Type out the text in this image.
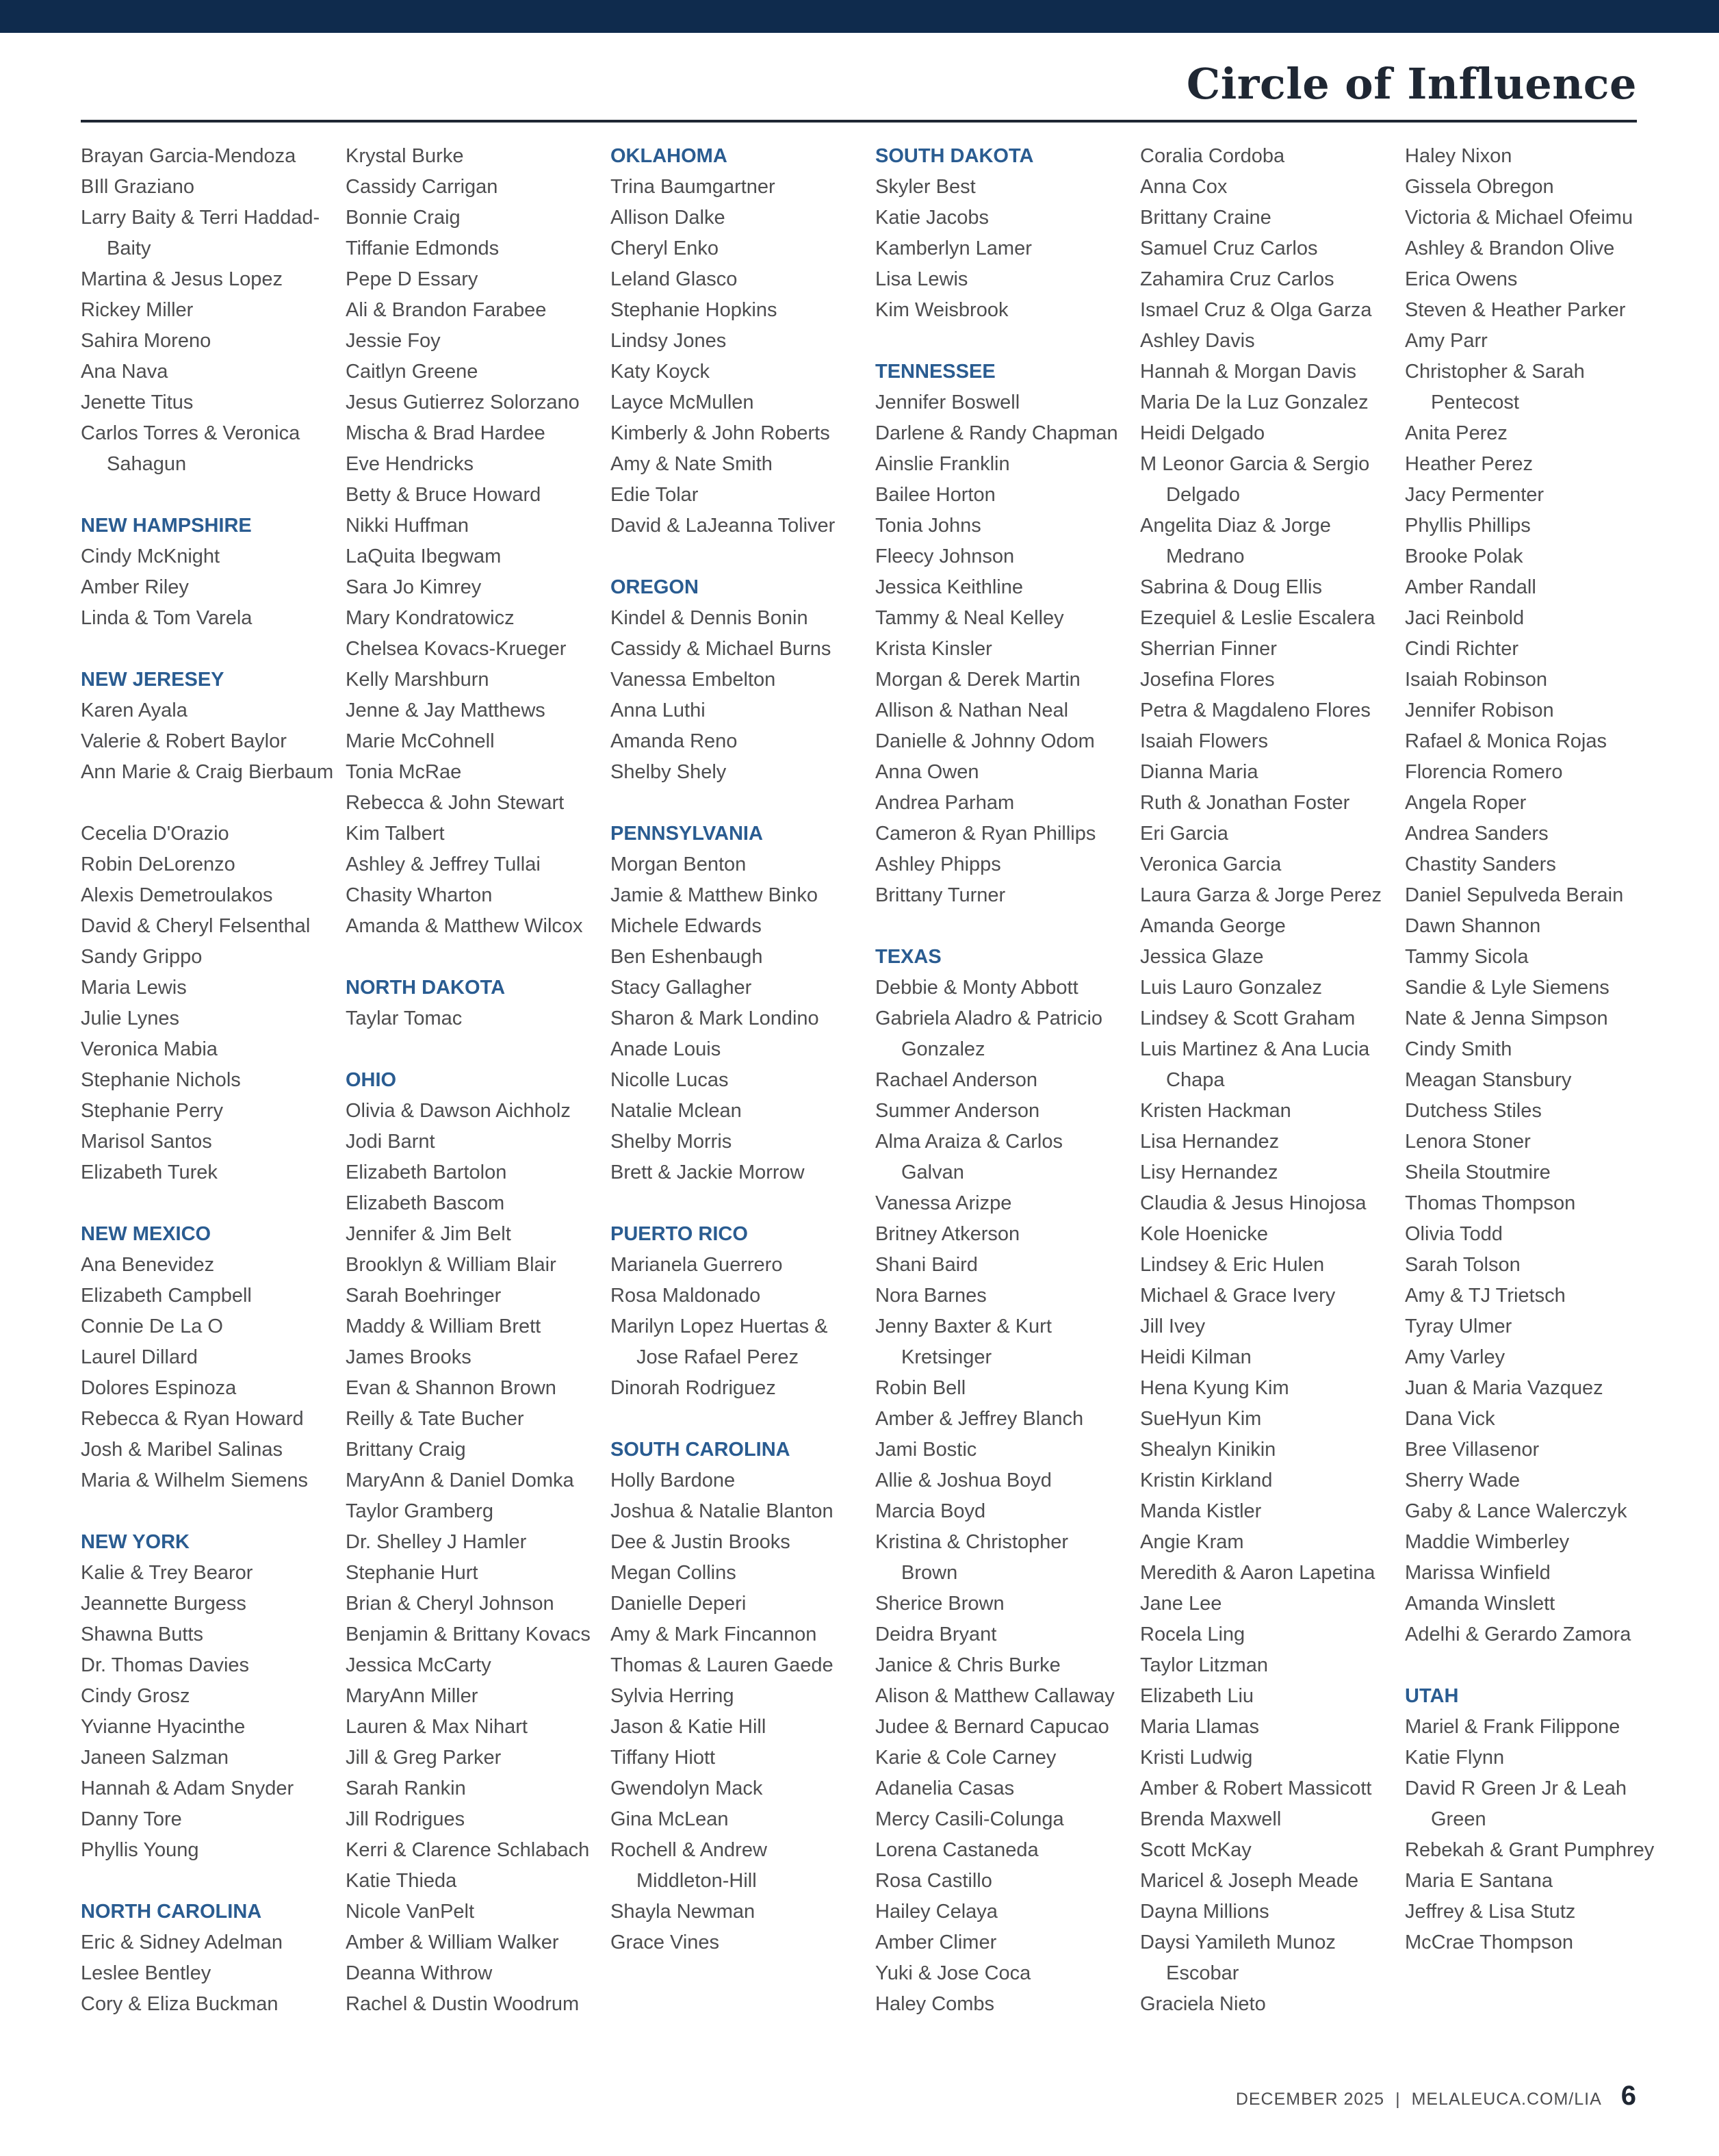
Circle of Influence
Brayan Garcia-Mendoza
BIll Graziano
Larry Baity & Terri Haddad-Baity
Martina & Jesus Lopez
Rickey Miller
Sahira Moreno
Ana Nava
Jenette Titus
Carlos Torres & Veronica Sahagun
NEW HAMPSHIRE
Cindy McKnight
Amber Riley
Linda & Tom Varela
NEW JERESEY
Karen Ayala
Valerie & Robert Baylor
Ann Marie & Craig Bierbaum
Cecelia D'Orazio
Robin DeLorenzo
Alexis Demetroulakos
David & Cheryl Felsenthal
Sandy Grippo
Maria Lewis
Julie Lynes
Veronica Mabia
Stephanie Nichols
Stephanie Perry
Marisol Santos
Elizabeth Turek
NEW MEXICO
Ana Benevidez
Elizabeth Campbell
Connie De La O
Laurel Dillard
Dolores Espinoza
Rebecca & Ryan Howard
Josh & Maribel Salinas
Maria & Wilhelm Siemens
NEW YORK
Kalie & Trey Bearor
Jeannette Burgess
Shawna Butts
Dr. Thomas Davies
Cindy Grosz
Yvianne Hyacinthe
Janeen Salzman
Hannah & Adam Snyder
Danny Tore
Phyllis Young
NORTH CAROLINA
Eric & Sidney Adelman
Leslee Bentley
Cory & Eliza Buckman
Krystal Burke
Cassidy Carrigan
Bonnie Craig
Tiffanie Edmonds
Pepe D Essary
Ali & Brandon Farabee
Jessie Foy
Caitlyn Greene
Jesus Gutierrez Solorzano
Mischa & Brad Hardee
Eve Hendricks
Betty & Bruce Howard
Nikki Huffman
LaQuita Ibegwam
Sara Jo Kimrey
Mary Kondratowicz
Chelsea Kovacs-Krueger
Kelly Marshburn
Jenne & Jay Matthews
Marie McCohnell
Tonia McRae
Rebecca & John Stewart
Kim Talbert
Ashley & Jeffrey Tullai
Chasity Wharton
Amanda & Matthew Wilcox
NORTH DAKOTA
Taylar Tomac
OHIO
Olivia & Dawson Aichholz
Jodi Barnt
Elizabeth Bartolon
Elizabeth Bascom
Jennifer & Jim Belt
Brooklyn & William Blair
Sarah Boehringer
Maddy & William Brett
James Brooks
Evan & Shannon Brown
Reilly & Tate Bucher
Brittany Craig
MaryAnn & Daniel Domka
Taylor Gramberg
Dr. Shelley J Hamler
Stephanie Hurt
Brian & Cheryl Johnson
Benjamin & Brittany Kovacs
Jessica McCarty
MaryAnn Miller
Lauren & Max Nihart
Jill & Greg Parker
Sarah Rankin
Jill Rodrigues
Kerri & Clarence Schlabach
Katie Thieda
Nicole VanPelt
Amber & William Walker
Deanna Withrow
Rachel & Dustin Woodrum
OKLAHOMA
Trina Baumgartner
Allison Dalke
Cheryl Enko
Leland Glasco
Stephanie Hopkins
Lindsy Jones
Katy Koyck
Layce McMullen
Kimberly & John Roberts
Amy & Nate Smith
Edie Tolar
David & LaJeanna Toliver
OREGON
Kindel & Dennis Bonin
Cassidy & Michael Burns
Vanessa Embelton
Anna Luthi
Amanda Reno
Shelby Shely
PENNSYLVANIA
Morgan Benton
Jamie & Matthew Binko
Michele Edwards
Ben Eshenbaugh
Stacy Gallagher
Sharon & Mark Londino
Anade Louis
Nicolle Lucas
Natalie Mclean
Shelby Morris
Brett & Jackie Morrow
PUERTO RICO
Marianela Guerrero
Rosa Maldonado
Marilyn Lopez Huertas & Jose Rafael Perez
Dinorah Rodriguez
SOUTH CAROLINA
Holly Bardone
Joshua & Natalie Blanton
Dee & Justin Brooks
Megan Collins
Danielle Deperi
Amy & Mark Fincannon
Thomas & Lauren Gaede
Sylvia Herring
Jason & Katie Hill
Tiffany Hiott
Gwendolyn Mack
Gina McLean
Rochell & Andrew Middleton-Hill
Shayla Newman
Grace Vines
SOUTH DAKOTA
Skyler Best
Katie Jacobs
Kamberlyn Lamer
Lisa Lewis
Kim Weisbrook
TENNESSEE
Jennifer Boswell
Darlene & Randy Chapman
Ainslie Franklin
Bailee Horton
Tonia Johns
Fleecy Johnson
Jessica Keithline
Tammy & Neal Kelley
Krista Kinsler
Morgan & Derek Martin
Allison & Nathan Neal
Danielle & Johnny Odom
Anna Owen
Andrea Parham
Cameron & Ryan Phillips
Ashley Phipps
Brittany Turner
TEXAS
Debbie & Monty Abbott
Gabriela Aladro & Patricio Gonzalez
Rachael Anderson
Summer Anderson
Alma Araiza & Carlos Galvan
Vanessa Arizpe
Britney Atkerson
Shani Baird
Nora Barnes
Jenny Baxter & Kurt Kretsinger
Robin Bell
Amber & Jeffrey Blanch
Jami Bostic
Allie & Joshua Boyd
Marcia Boyd
Kristina & Christopher Brown
Sherice Brown
Deidra Bryant
Janice & Chris Burke
Alison & Matthew Callaway
Judee & Bernard Capucao
Karie & Cole Carney
Adanelia Casas
Mercy Casili-Colunga
Lorena Castaneda
Rosa Castillo
Hailey Celaya
Amber Climer
Yuki & Jose Coca
Haley Combs
Coralia Cordoba
Anna Cox
Brittany Craine
Samuel Cruz Carlos
Zahamira Cruz Carlos
Ismael Cruz & Olga Garza
Ashley Davis
Hannah & Morgan Davis
Maria De la Luz Gonzalez
Heidi Delgado
M Leonor Garcia & Sergio Delgado
Angelita Diaz & Jorge Medrano
Sabrina & Doug Ellis
Ezequiel & Leslie Escalera
Sherrian Finner
Josefina Flores
Petra & Magdaleno Flores
Isaiah Flowers
Dianna Maria
Ruth & Jonathan Foster
Eri Garcia
Veronica Garcia
Laura Garza & Jorge Perez
Amanda George
Jessica Glaze
Luis Lauro Gonzalez
Lindsey & Scott Graham
Luis Martinez & Ana Lucia Chapa
Kristen Hackman
Lisa Hernandez
Lisy Hernandez
Claudia & Jesus Hinojosa
Kole Hoenicke
Lindsey & Eric Hulen
Michael & Grace Ivery
Jill Ivey
Heidi Kilman
Hena Kyung Kim
SueHyun Kim
Shealyn Kinikin
Kristin Kirkland
Manda Kistler
Angie Kram
Meredith & Aaron Lapetina
Jane Lee
Rocela Ling
Taylor Litzman
Elizabeth Liu
Maria Llamas
Kristi Ludwig
Amber & Robert Massicott
Brenda Maxwell
Scott McKay
Maricel & Joseph Meade
Dayna Millions
Daysi Yamileth Munoz Escobar
Graciela Nieto
Haley Nixon
Gissela Obregon
Victoria & Michael Ofeimu
Ashley & Brandon Olive
Erica Owens
Steven & Heather Parker
Amy Parr
Christopher & Sarah Pentecost
Anita Perez
Heather Perez
Jacy Permenter
Phyllis Phillips
Brooke Polak
Amber Randall
Jaci Reinbold
Cindi Richter
Isaiah Robinson
Jennifer Robison
Rafael & Monica Rojas
Florencia Romero
Angela Roper
Andrea Sanders
Chastity Sanders
Daniel Sepulveda Berain
Dawn Shannon
Tammy Sicola
Sandie & Lyle Siemens
Nate & Jenna Simpson
Cindy Smith
Meagan Stansbury
Dutchess Stiles
Lenora Stoner
Sheila Stoutmire
Thomas Thompson
Olivia Todd
Sarah Tolson
Amy & TJ Trietsch
Tyray Ulmer
Amy Varley
Juan & Maria Vazquez
Dana Vick
Bree Villasenor
Sherry Wade
Gaby & Lance Walerczyk
Maddie Wimberley
Marissa Winfield
Amanda Winslett
Adelhi & Gerardo Zamora
UTAH
Mariel & Frank Filippone
Katie Flynn
David R Green Jr & Leah Green
Rebekah & Grant Pumphrey
Maria E Santana
Jeffrey & Lisa Stutz
McCrae Thompson
DECEMBER 2025 | MELALEUCA.COM/LIA 6
